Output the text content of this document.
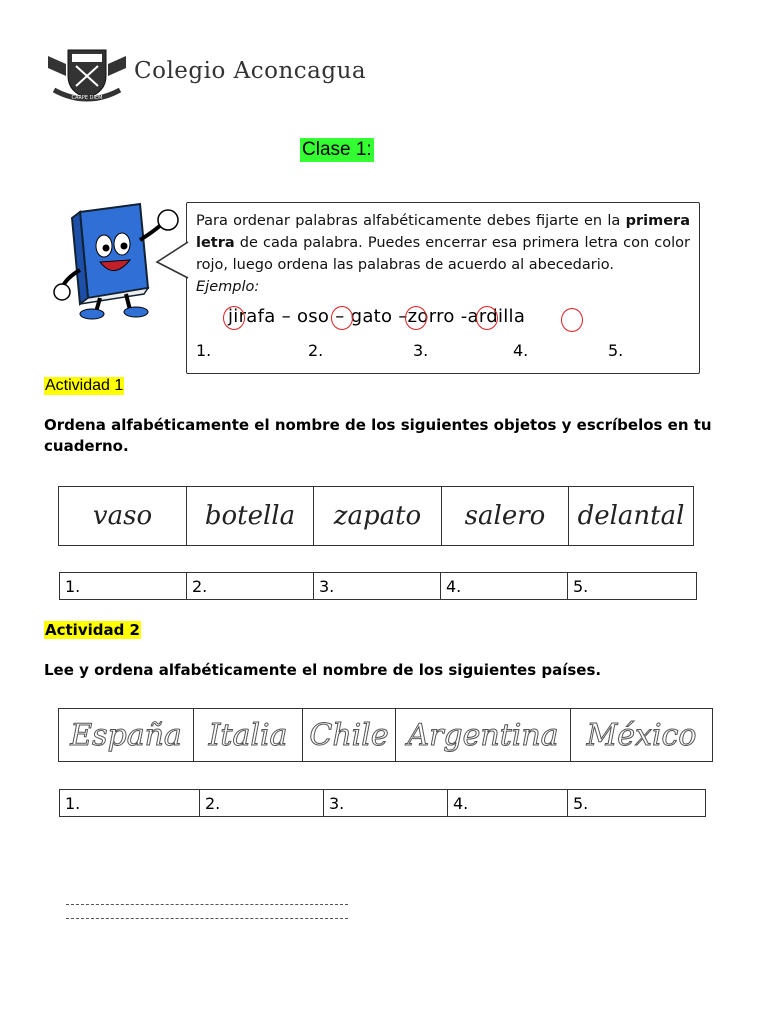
CARPE DIEM
Colegio Aconcagua
Clase 1:
Para ordenar palabras alfabéticamente debes fijarte en la primera letra de cada palabra. Puedes encerrar esa primera letra con color rojo, luego ordena las palabras de acuerdo al abecedario.
Ejemplo:
jirafa – oso – gato –zorro -ardilla
1.	2.	3.	4.	5.
Actividad 1
Ordena alfabéticamente el nombre de los siguientes objetos y escríbelos en tu cuaderno.
vaso	botella	zapato	salero	delantal
1.	2.	3.	4.	5.
Actividad 2
Lee y ordena alfabéticamente el nombre de los siguientes países.
España	Italia	Chile	Argentina	México
1.	2.	3.	4.	5.
